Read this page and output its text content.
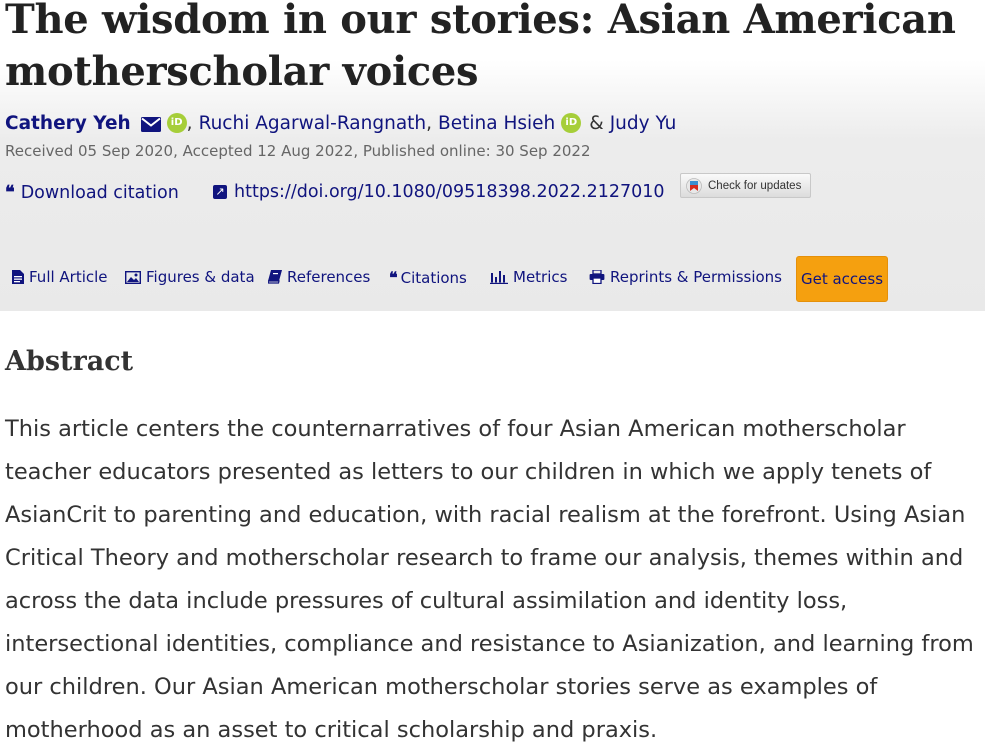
The wisdom in our stories: Asian American motherscholar voices
Cathery Yeh	iD , Ruchi Agarwal-Rangnath , Betina Hsieh	iD & Judy Yu
Received 05 Sep 2020, Accepted 12 Aug 2022, Published online: 30 Sep 2022
❝ Download citation	↗ https://doi.org/10.1080/09518398.2022.2127010	Check for updates
Full Article	Figures & data References ❝ Citations	Metrics	Reprints & Permissions	Get access
Abstract

This article centers the counternarratives of four Asian American motherscholar teacher educators presented as letters to our children in which we apply tenets of AsianCrit to parenting and education, with racial realism at the forefront. Using Asian Critical Theory and motherscholar research to frame our analysis, themes within and across the data include pressures of cultural assimilation and identity loss, intersectional identities, compliance and resistance to Asianization, and learning from our children. Our Asian American motherscholar stories serve as examples of motherhood as an asset to critical scholarship and praxis.
